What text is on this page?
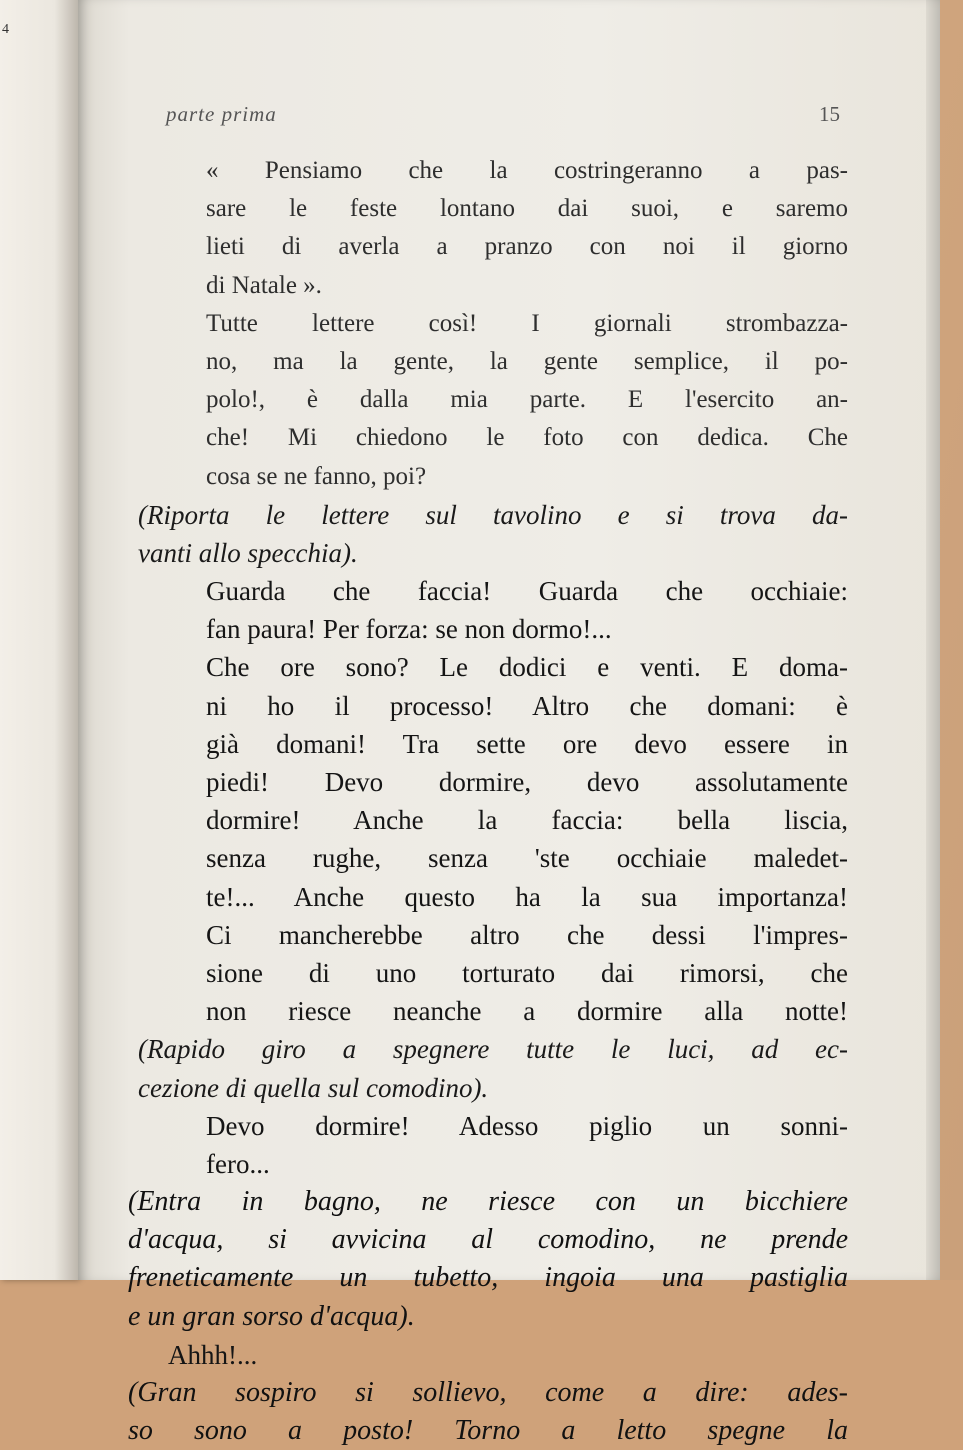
4
parte prima	15
« Pensiamo che la costringeranno a pas-
sare le feste lontano dai suoi, e saremo
lieti di averla a pranzo con noi il giorno
di Natale ».
Tutte lettere così! I giornali strombazza-
no, ma la gente, la gente semplice, il po-
polo!, è dalla mia parte. E l'esercito an-
che! Mi chiedono le foto con dedica. Che
cosa se ne fanno, poi?
(Riporta le lettere sul tavolino e si trova da-
vanti allo specchia).
Guarda che faccia! Guarda che occhiaie:
fan paura! Per forza: se non dormo!...
Che ore sono? Le dodici e venti. E doma-
ni ho il processo! Altro che domani: è
già domani! Tra sette ore devo essere in
piedi! Devo dormire, devo assolutamente
dormire! Anche la faccia: bella liscia,
senza rughe, senza 'ste occhiaie maledet-
te!... Anche questo ha la sua importanza!
Ci mancherebbe altro che dessi l'impres-
sione di uno torturato dai rimorsi, che
non riesce neanche a dormire alla notte!
(Rapido giro a spegnere tutte le luci, ad ec-
cezione di quella sul comodino).
Devo dormire! Adesso piglio un sonni-
fero...
(Entra in bagno, ne riesce con un bicchiere
d'acqua, si avvicina al comodino, ne prende
freneticamente un tubetto, ingoia una pastiglia
e un gran sorso d'acqua).
Ahhh!...
(Gran sospiro si sollievo, come a dire: ades-
so sono a posto! Torno a letto spegne la
